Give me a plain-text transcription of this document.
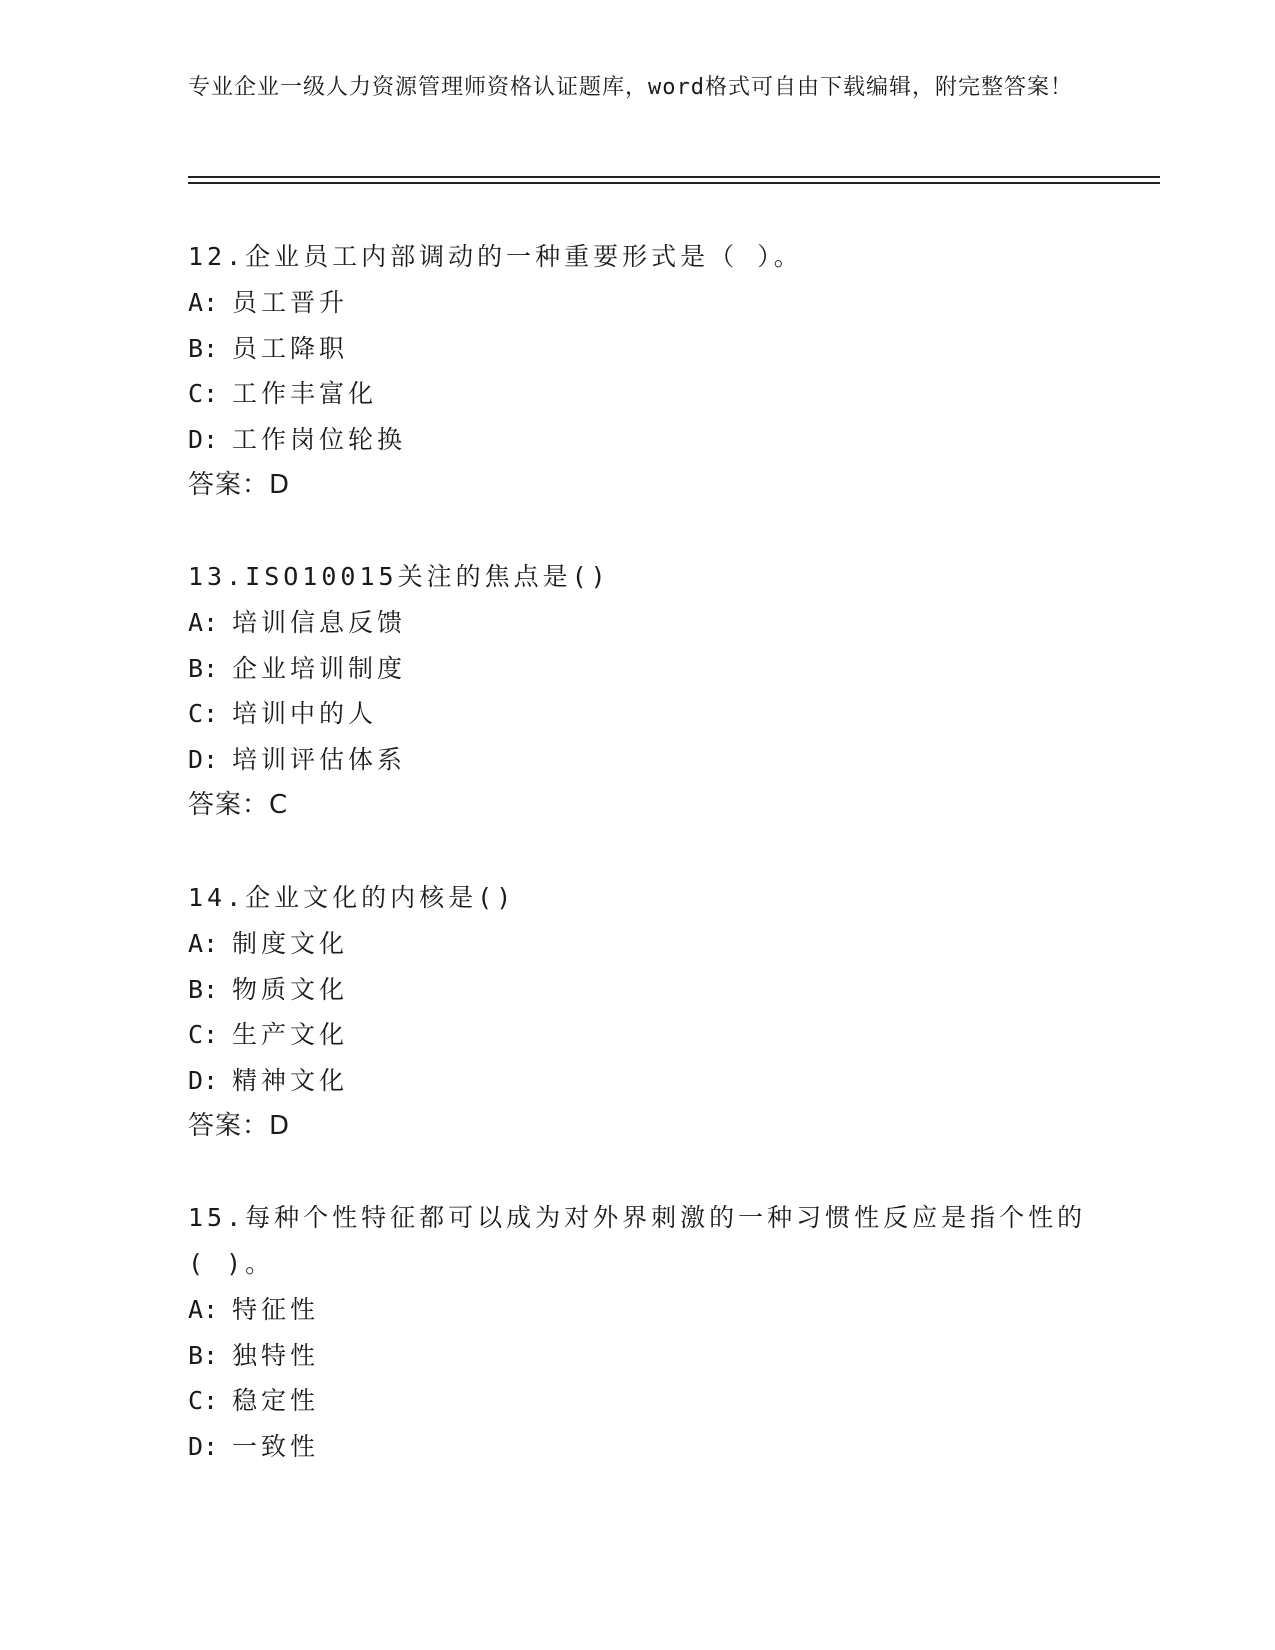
专业企业一级人力资源管理师资格认证题库，word格式可自由下载编辑，附完整答案！
12.企业员工内部调动的一种重要形式是（ ）。
A: 员工晋升
B: 员工降职
C: 工作丰富化
D: 工作岗位轮换
答案：D
13.ISO10015关注的焦点是()
A: 培训信息反馈
B: 企业培训制度
C: 培训中的人
D: 培训评估体系
答案：C
14.企业文化的内核是()
A: 制度文化
B: 物质文化
C: 生产文化
D: 精神文化
答案：D
15.每种个性特征都可以成为对外界刺激的一种习惯性反应是指个性的( )。
A: 特征性
B: 独特性
C: 稳定性
D: 一致性
